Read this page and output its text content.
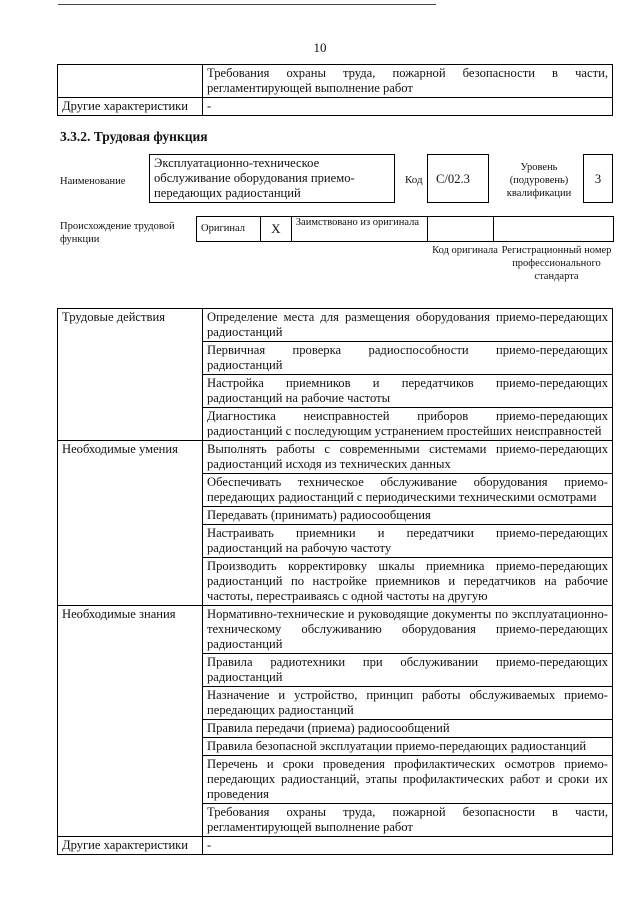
10
	Требования охраны труда, пожарной безопасности в части, регламентирующей выполнение работ
Другие характеристики	-
3.3.2. Трудовая функция
Наименование
Эксплуатационно-техническое обслуживание оборудования приемо-передающих радиостанций
Код	C/02.3
Уровень (подуровень) квалификации
3
Происхождение трудовой функции
Оригинал	X	Заимствовано из оригинала		
Код оригинала Регистрационный номер профессионального стандарта
Трудовые действия	Определение места для размещения оборудования приемо-передающих радиостанций
	Первичная проверка радиоспособности приемо-передающих радиостанций
	Настройка приемников и передатчиков приемо-передающих радиостанций на рабочие частоты
	Диагностика неисправностей приборов приемо-передающих радиостанций с последующим устранением простейших неисправностей
Необходимые умения	Выполнять работы с современными системами приемо-передающих радиостанций исходя из технических данных
	Обеспечивать техническое обслуживание оборудования приемо-передающих радиостанций с периодическими техническими осмотрами
	Передавать (принимать) радиосообщения
	Настраивать приемники и передатчики приемо-передающих радиостанций на рабочую частоту
	Производить корректировку шкалы приемника приемо-передающих радиостанций по настройке приемников и передатчиков на рабочие частоты, перестраиваясь с одной частоты на другую
Необходимые знания	Нормативно-технические и руководящие документы по эксплуатационно-техническому обслуживанию оборудования приемо-передающих радиостанций
	Правила радиотехники при обслуживании приемо-передающих радиостанций
	Назначение и устройство, принцип работы обслуживаемых приемо-передающих радиостанций
	Правила передачи (приема) радиосообщений
	Правила безопасной эксплуатации приемо-передающих радиостанций
	Перечень и сроки проведения профилактических осмотров приемо-передающих радиостанций, этапы профилактических работ и сроки их проведения
	Требования охраны труда, пожарной безопасности в части, регламентирующей выполнение работ
Другие характеристики	-
